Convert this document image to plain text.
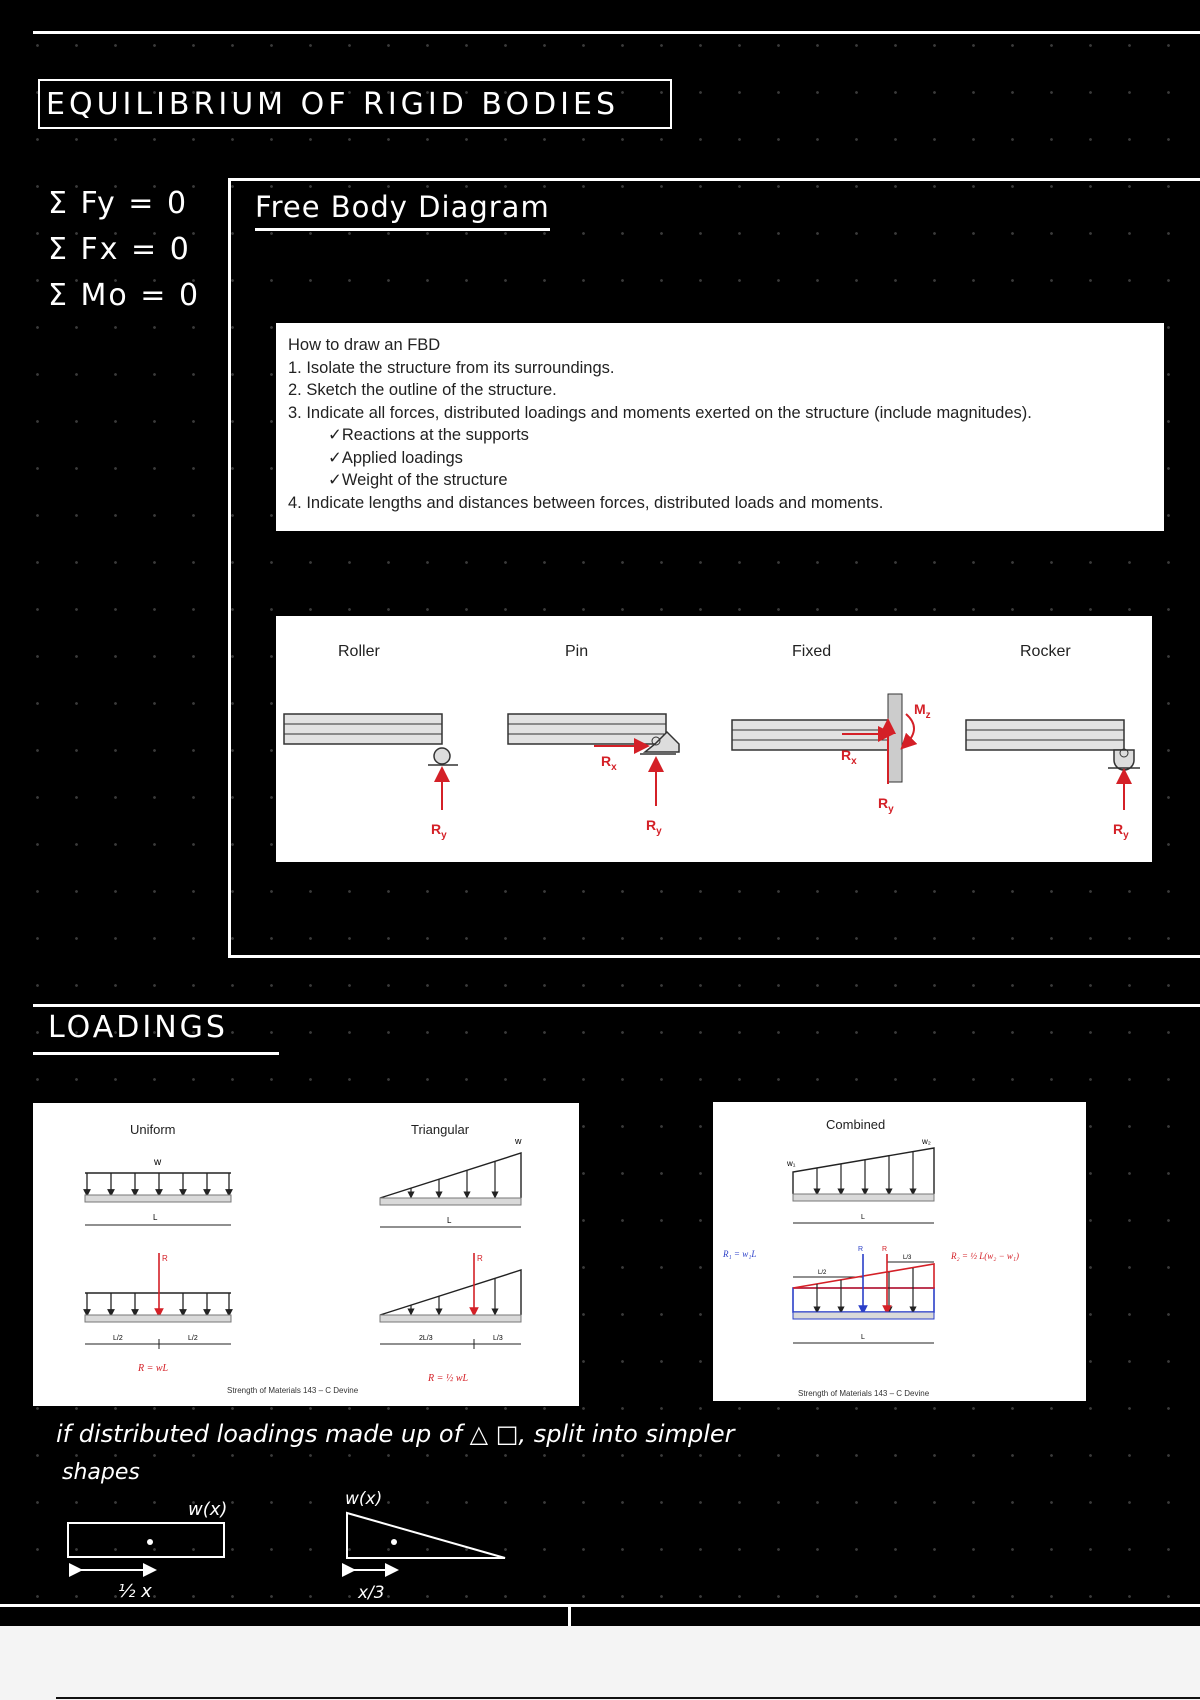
EQUILIBRIUM OF RIGID BODIES
Σ Fy = 0
Σ Fx = 0
Σ Mo = 0
Free Body Diagram
How to draw an FBD
1. Isolate the structure from its surroundings.
2. Sketch the outline of the structure.
3. Indicate all forces, distributed loadings and moments exerted on the structure (include magnitudes).
✓Reactions at the supports
✓Applied loadings
✓Weight of the structure
4. Indicate lengths and distances between forces, distributed loads and moments.
Roller	Pin	Fixed	Rocker
$R_y$
$R_x$
$R_y$
$R_x$
$R_y$
$M_z$
$R_y$
LOADINGS
Uniform	Triangular
w
L
R
L/2	L/2
R = wL
w
L
R
2L/3	L/3
R = ½ wL
Strength of Materials 143 – C Devine
Combined
w₂
w₁
L
R₁ = w₁L	R₂ = ½ L(w₂ − w₁)
L/2
L/3
R	R
L
Strength of Materials 143 – C Devine
if distributed loadings made up of △ □, split into simpler
shapes
w(x)
½ x
w(x)
x/3
